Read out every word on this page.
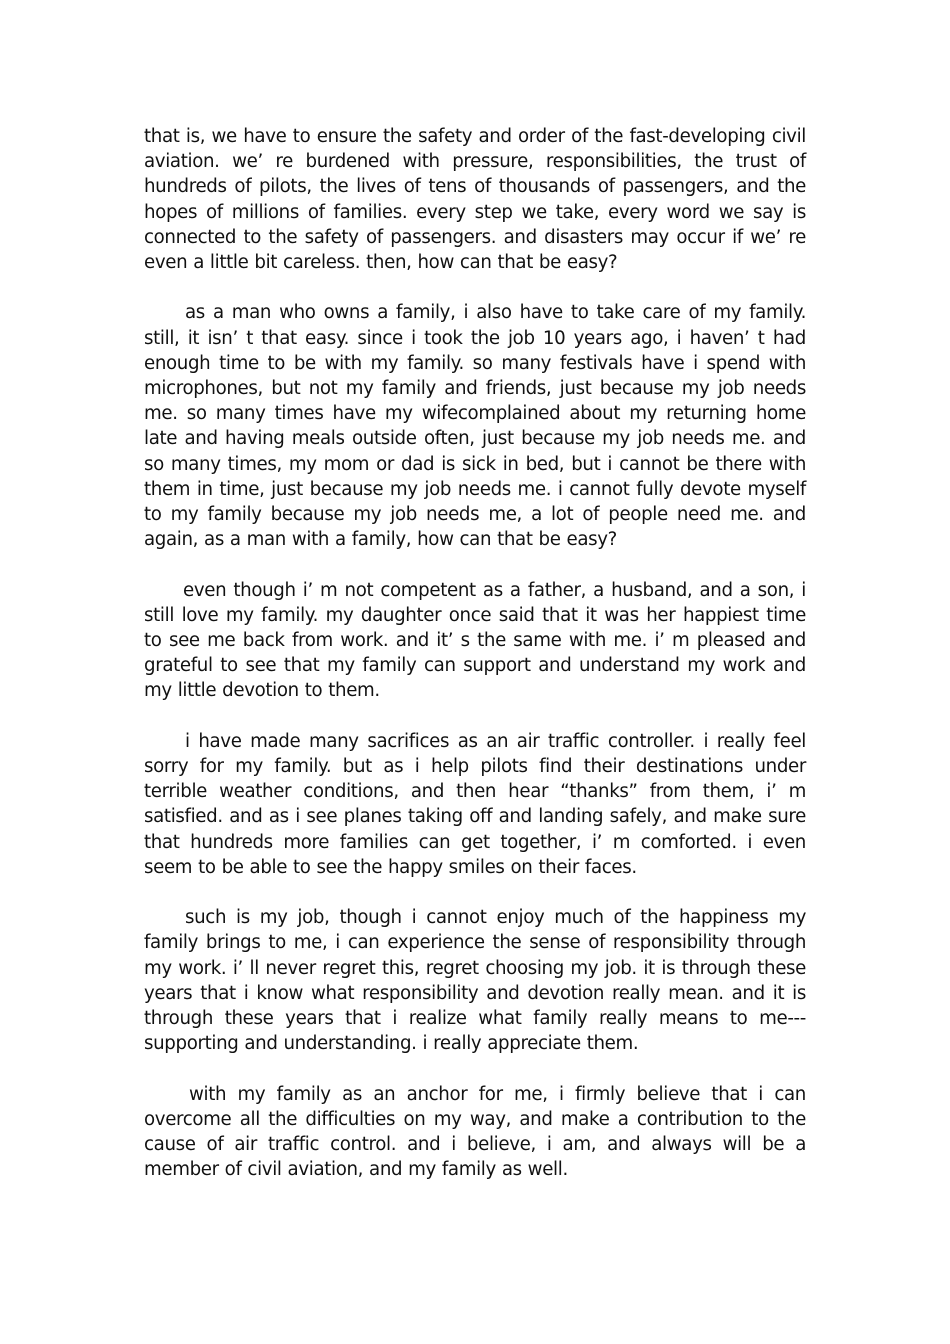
that is, we have to ensure the safety and order of the fast-developing civil aviation. we’ re burdened with pressure, responsibilities, the trust of hundreds of pilots, the lives of tens of thousands of passengers, and the hopes of millions of families. every step we take, every word we say is connected to the safety of passengers. and disasters may occur if we’ re even a little bit careless. then, how can that be easy?

as a man who owns a family, i also have to take care of my family. still, it isn’ t that easy. since i took the job 10 years ago, i haven’ t had enough time to be with my family. so many festivals have i spend with microphones, but not my family and friends, just because my job needs me. so many times have my wifecomplained about my returning home late and having meals outside often, just because my job needs me. and so many times, my mom or dad is sick in bed, but i cannot be there with them in time, just because my job needs me. i cannot fully devote myself to my family because my job needs me, a lot of people need me. and again, as a man with a family, how can that be easy?

even though i’ m not competent as a father, a husband, and a son, i still love my family. my daughter once said that it was her happiest time to see me back from work. and it’ s the same with me. i’ m pleased and grateful to see that my family can support and understand my work and my little devotion to them.

i have made many sacrifices as an air traffic controller. i really feel sorry for my family. but as i help pilots find their destinations under terrible weather conditions, and then hear “thanks” from them, i’ m satisfied. and as i see planes taking off and landing safely, and make sure that hundreds more families can get together, i’ m comforted. i even seem to be able to see the happy smiles on their faces.

such is my job, though i cannot enjoy much of the happiness my family brings to me, i can experience the sense of responsibility through my work. i’ ll never regret this, regret choosing my job. it is through these years that i know what responsibility and devotion really mean. and it is through these years that i realize what family really means to me---supporting and understanding. i really appreciate them.

with my family as an anchor for me, i firmly believe that i can overcome all the difficulties on my way, and make a contribution to the cause of air traffic control. and i believe, i am, and always will be a member of civil aviation, and my family as well.
